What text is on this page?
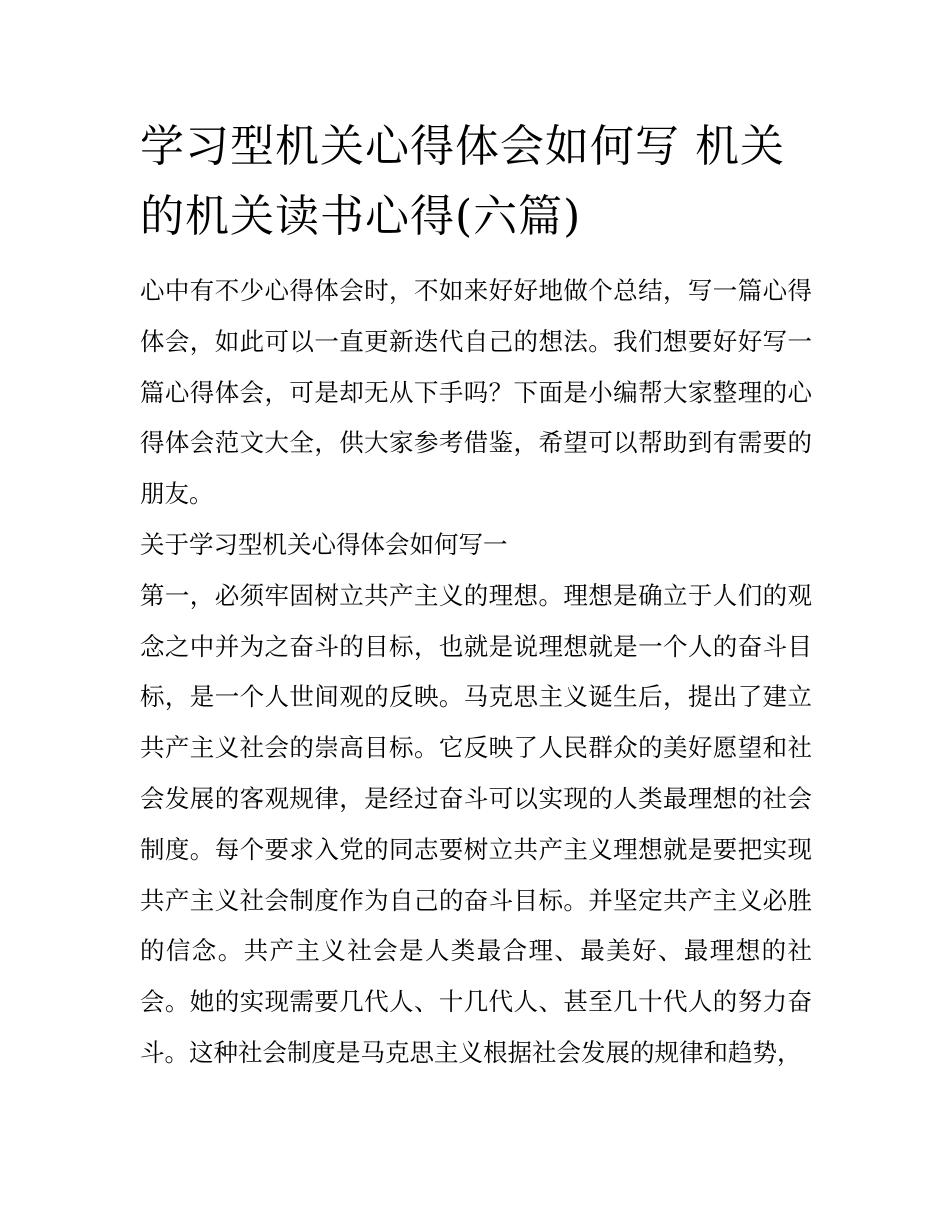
学习型机关心得体会如何写 机关的机关读书心得(六篇)

心中有不少心得体会时，不如来好好地做个总结，写一篇心得体会，如此可以一直更新迭代自己的想法。我们想要好好写一篇心得体会，可是却无从下手吗？下面是小编帮大家整理的心得体会范文大全，供大家参考借鉴，希望可以帮助到有需要的朋友。

关于学习型机关心得体会如何写一

第一，必须牢固树立共产主义的理想。理想是确立于人们的观念之中并为之奋斗的目标，也就是说理想就是一个人的奋斗目标，是一个人世间观的反映。马克思主义诞生后，提出了建立共产主义社会的崇高目标。它反映了人民群众的美好愿望和社会发展的客观规律，是经过奋斗可以实现的人类最理想的社会制度。每个要求入党的同志要树立共产主义理想就是要把实现共产主义社会制度作为自己的奋斗目标。并坚定共产主义必胜的信念。共产主义社会是人类最合理、最美好、最理想的社会。她的实现需要几代人、十几代人、甚至几十代人的努力奋斗。这种社会制度是马克思主义根据社会发展的规律和趋势，
